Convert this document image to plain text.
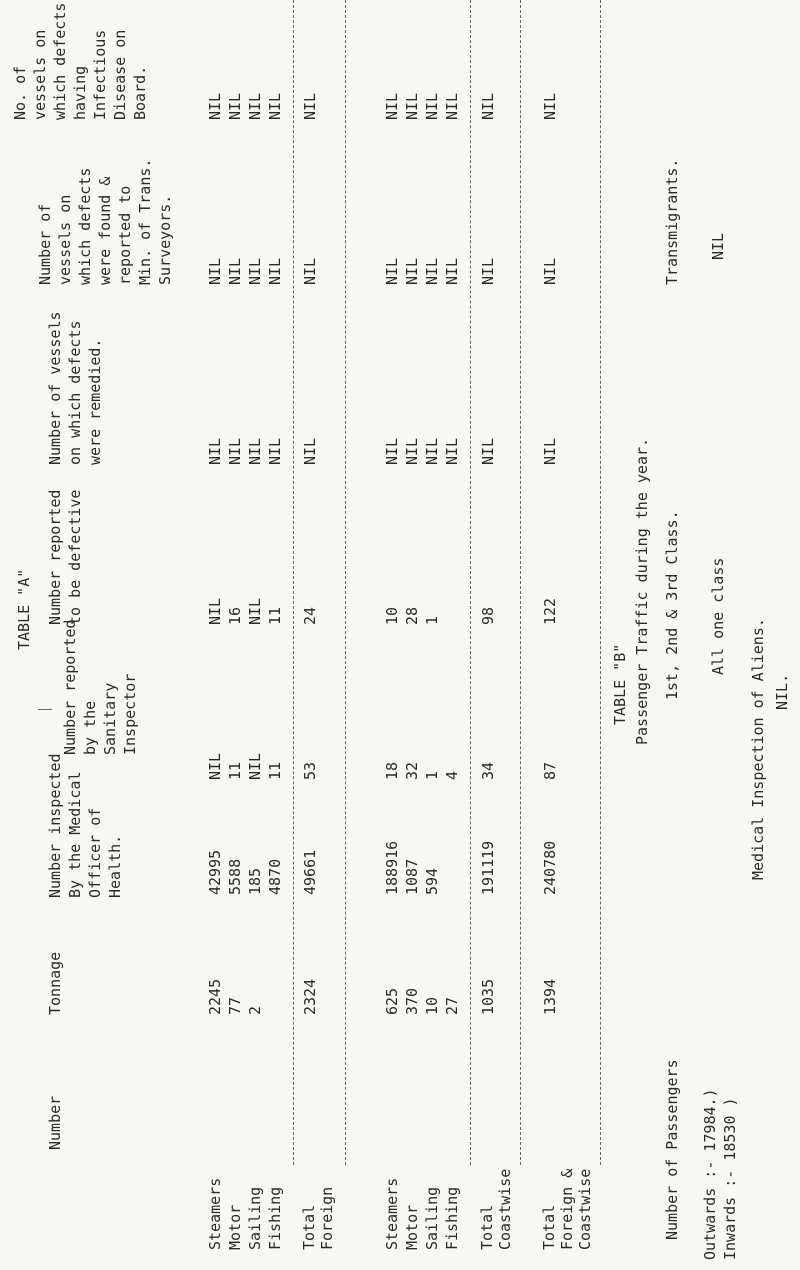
TABLE "A"
Number
Tonnage
Number inspected By the Medical Officer of Health.
Number reported by the Sanitary Inspector
Number reported to be defective
Number of vessels on which defects were remedied.
Number of vessels on which defects were found & reported to Min. of Trans. Surveyors.
No. of vessels on which defects having Infectious Disease on Board.
Steamers
2245
42995
NIL
NIL
NIL
NIL
NIL
Motor
77
5588
11
16
NIL
NIL
NIL
Sailing
2
185
NIL
NIL
NIL
NIL
NIL
Fishing
4870
11
11
NIL
NIL
NIL
Total Foreign
2324
49661
53
24
NIL
NIL
NIL
Steamers
625
188916
18
10
NIL
NIL
NIL
Motor
370
1087
32
28
NIL
NIL
NIL
Sailing
10
594
1
1
NIL
NIL
NIL
Fishing
27
4
NIL
NIL
NIL
Total Coastwise
1035
191119
34
98
NIL
NIL
NIL
Total Foreign & Coastwise
1394
240780
87
122
NIL
NIL
NIL
TABLE "B" Passenger Traffic during the year.
Number of Passengers
1st, 2nd & 3rd Class.
Transmigrants.
Outwards :- 17984.) Inwards :- 18530 )
All one class
NIL
Medical Inspection of Aliens. NIL.
